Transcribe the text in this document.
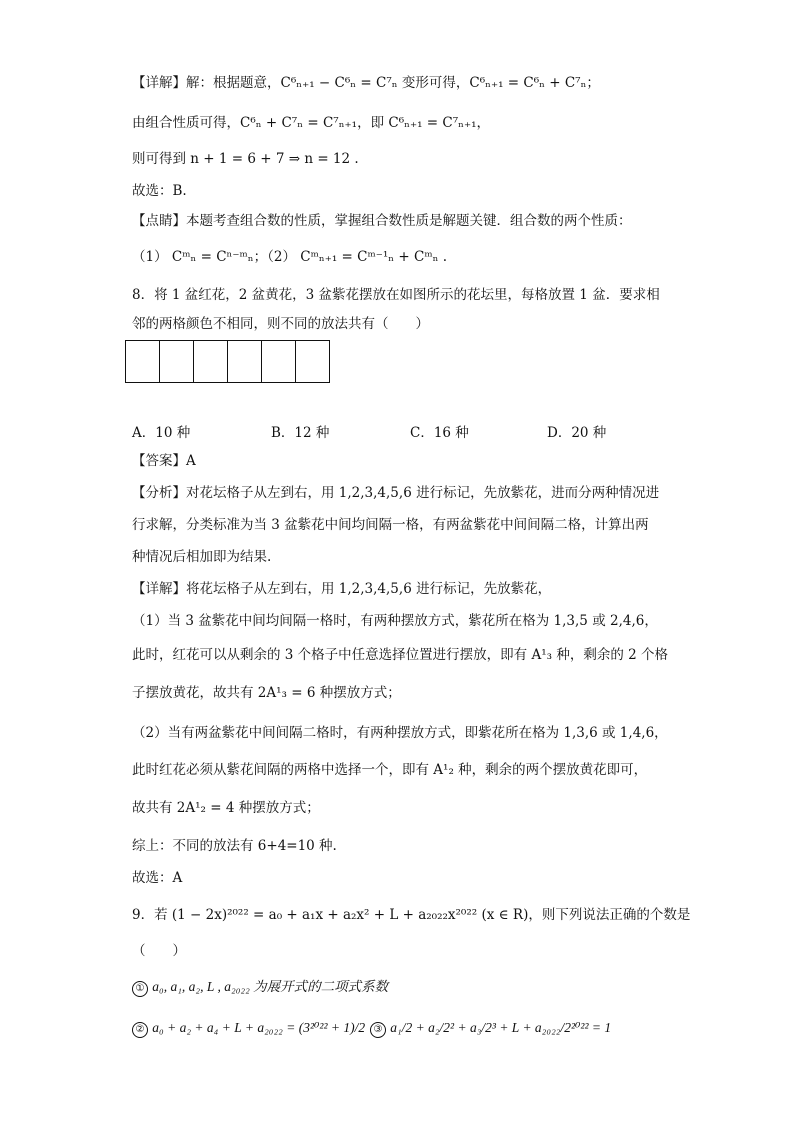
【详解】解：根据题意，C⁶ₙ₊₁ − C⁶ₙ = C⁷ₙ 变形可得，C⁶ₙ₊₁ = C⁶ₙ + C⁷ₙ；
由组合性质可得，C⁶ₙ + C⁷ₙ = C⁷ₙ₊₁，即 C⁶ₙ₊₁ = C⁷ₙ₊₁，
则可得到 n + 1 = 6 + 7 ⇒ n = 12 .
故选：B.
【点睛】本题考查组合数的性质，掌握组合数性质是解题关键．组合数的两个性质：
（1） Cᵐₙ = Cⁿ⁻ᵐₙ；（2） Cᵐₙ₊₁ = Cᵐ⁻¹ₙ + Cᵐₙ .
8．将 1 盆红花，2 盆黄花，3 盆紫花摆放在如图所示的花坛里，每格放置 1 盆．要求相
邻的两格颜色不相同，则不同的放法共有（　　）
A．10 种	B．12 种	C．16 种	D．20 种
【答案】A
【分析】对花坛格子从左到右，用 1,2,3,4,5,6 进行标记，先放紫花，进而分两种情况进
行求解，分类标准为当 3 盆紫花中间均间隔一格，有两盆紫花中间间隔二格，计算出两
种情况后相加即为结果.
【详解】将花坛格子从左到右，用 1,2,3,4,5,6 进行标记，先放紫花，
（1）当 3 盆紫花中间均间隔一格时，有两种摆放方式，紫花所在格为 1,3,5 或 2,4,6，
此时，红花可以从剩余的 3 个格子中任意选择位置进行摆放，即有 A¹₃ 种，剩余的 2 个格
子摆放黄花，故共有 2A¹₃ = 6 种摆放方式；
（2）当有两盆紫花中间间隔二格时，有两种摆放方式，即紫花所在格为 1,3,6 或 1,4,6，
此时红花必须从紫花间隔的两格中选择一个，即有 A¹₂ 种，剩余的两个摆放黄花即可，
故共有 2A¹₂ = 4 种摆放方式；
综上：不同的放法有 6+4=10 种.
故选：A
9．若 (1 − 2x)²⁰²² = a₀ + a₁x + a₂x² + L + a₂₀₂₂x²⁰²² (x ∈ R)，则下列说法正确的个数是
（　　）
① a₀, a₁, a₂, L , a₂₀₂₂ 为展开式的二项式系数
② a₀ + a₂ + a₄ + L + a₂₀₂₂ = (3²⁰²² + 1)/2 ③ a₁/2 + a₂/2² + a₃/2³ + L + a₂₀₂₂/2²⁰²² = 1
